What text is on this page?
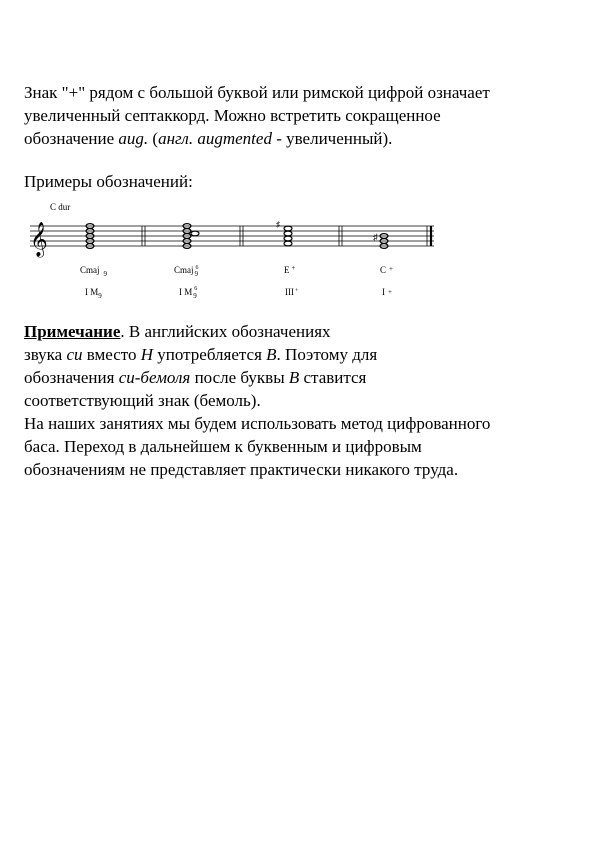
Знак "+" рядом с большой буквой или римской цифрой означает
увеличенный септаккорд. Можно встретить сокращенное
обозначение aug. (англ. augmented - увеличенный).
Примеры обозначений:
C dur
𝄞	♯
♯
Cmaj $_9$	Cmaj $^6$ 9	E +	C +
I $M_9$	I M $^6$ 9	III+	I +
Примечание. В английских обозначениях
звука си вместо H употребляется B. Поэтому для
обозначения си-бемоля после буквы B ставится
соответствующий знак (бемоль).
На наших занятиях мы будем использовать метод цифрованного
баса. Переход в дальнейшем к буквенным и цифровым
обозначениям не представляет практически никакого труда.
